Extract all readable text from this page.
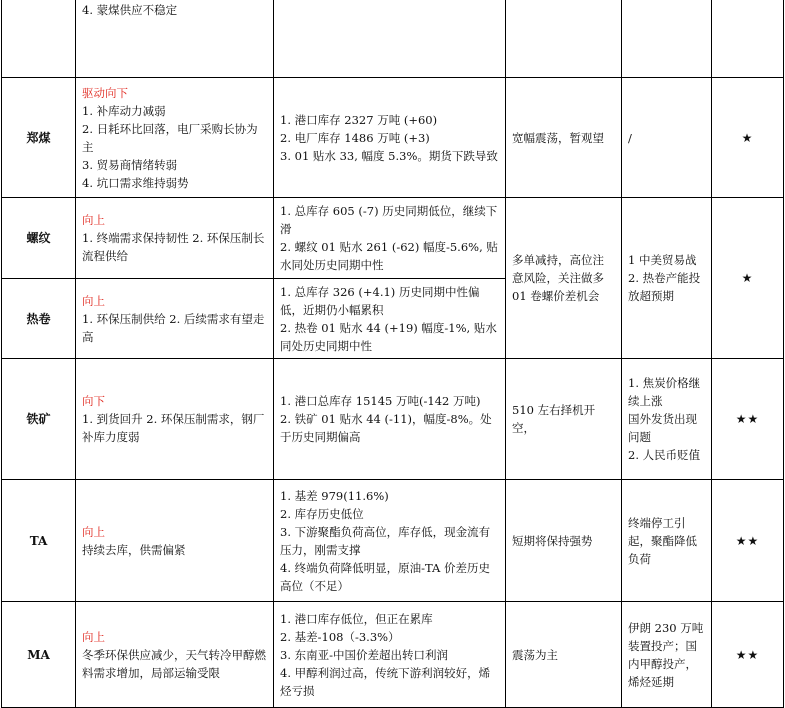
	4. 蒙煤供应不稳定				

郑煤	驱动向下
1. 补库动力减弱
2. 日耗环比回落，电厂采购长协为主
3. 贸易商情绪转弱
4. 坑口需求维持弱势	1. 港口库存 2327 万吨 (+60)
2. 电厂库存 1486 万吨 (+3)
3. 01 贴水 33, 幅度 5.3%。期货下跌导致	宽幅震荡，暂观望	/	★
螺纹	向上
1. 终端需求保持韧性 2. 环保压制长流程供给	1. 总库存 605 (-7) 历史同期低位，继续下滑
2. 螺纹 01 贴水 261 (-62) 幅度-5.6%, 贴水同处历史同期中性	多单减持，高位注意风险，关注做多 01 卷螺价差机会	1 中美贸易战
2. 热卷产能投放超预期	★
热卷	向上
1. 环保压制供给 2. 后续需求有望走高	1. 总库存 326 (+4.1) 历史同期中性偏低，近期仍小幅累积
2. 热卷 01 贴水 44 (+19) 幅度-1%, 贴水同处历史同期中性			

铁矿	向下
1. 到货回升 2. 环保压制需求，钢厂补库力度弱	1. 港口总库存 15145 万吨(-142 万吨)
2. 铁矿 01 贴水 44 (-11)，幅度-8%。处于历史同期偏高	510 左右择机开空，	1. 焦炭价格继续上涨
国外发货出现问题
2. 人民币贬值	★★
TA	向上
持续去库，供需偏紧	1. 基差 979(11.6%)
2. 库存历史低位
3. 下游聚酯负荷高位，库存低，现金流有压力，刚需支撑
4. 终端负荷降低明显，原油-TA 价差历史高位（不足）	短期将保持强势	终端停工引起，聚酯降低负荷	★★
MA	向上
冬季环保供应减少，天气转冷甲醇燃料需求增加，局部运输受限	1. 港口库存低位，但正在累库
2. 基差-108（-3.3%）
3. 东南亚-中国价差超出转口利润
4. 甲醇利润过高，传统下游利润较好，烯烃亏损	震荡为主	伊朗 230 万吨装置投产；国内甲醇投产，烯烃延期	★★
